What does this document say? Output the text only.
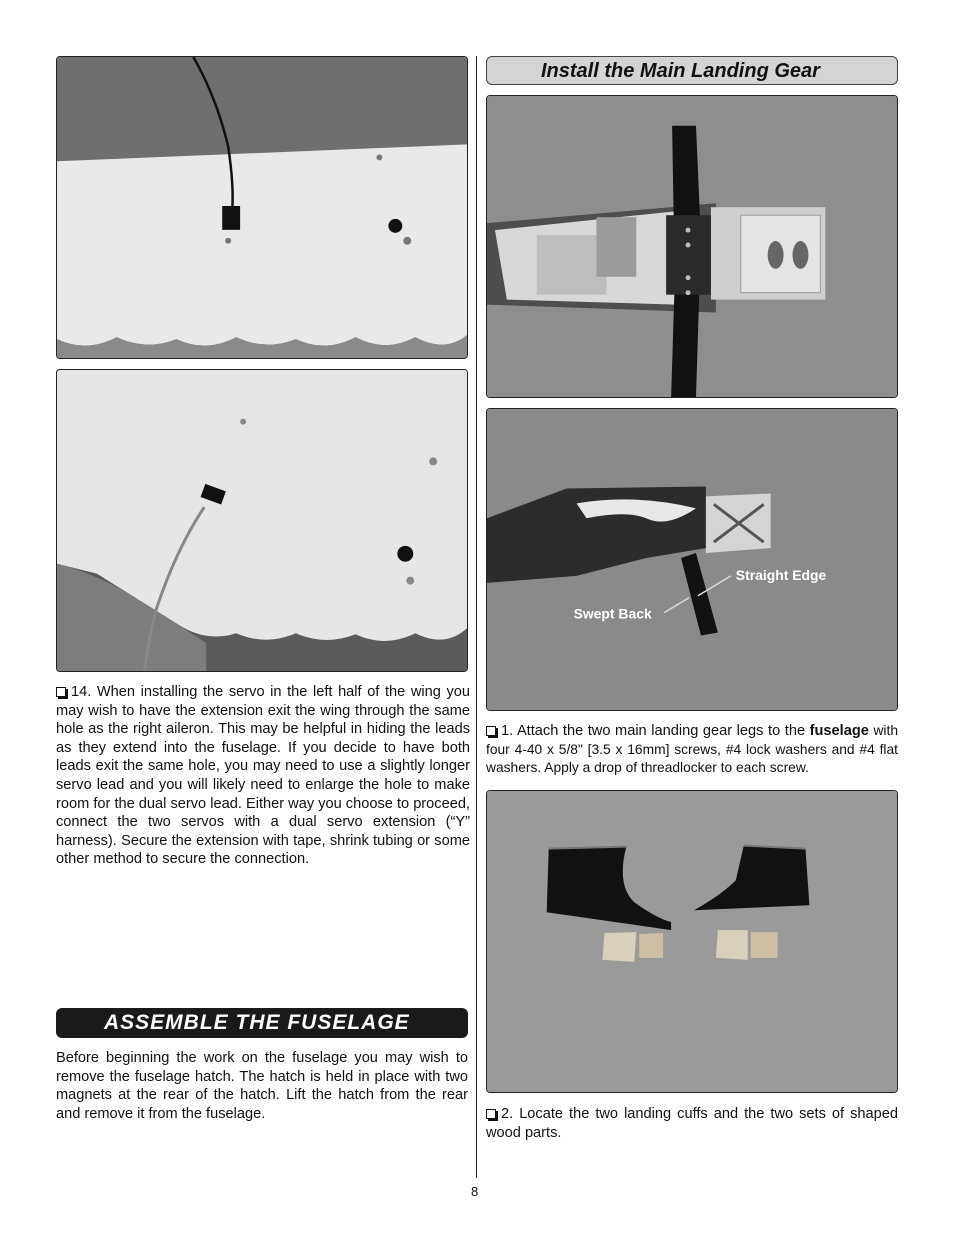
14. When installing the servo in the left half of the wing you may wish to have the extension exit the wing through the same hole as the right aileron. This may be helpful in hiding the leads as they extend into the fuselage. If you decide to have both leads exit the same hole, you may need to use a slightly longer servo lead and you will likely need to enlarge the hole to make room for the dual servo lead. Either way you choose to proceed, connect the two servos with a dual servo extension (“Y” harness). Secure the extension with tape, shrink tubing or some other method to secure the connection.

ASSEMBLE THE FUSELAGE

Before beginning the work on the fuselage you may wish to remove the fuselage hatch. The hatch is held in place with two magnets at the rear of the hatch. Lift the hatch from the rear and remove it from the fuselage.

Install the Main Landing Gear
Straight Edge
Swept Back

1. Attach the two main landing gear legs to the fuselage with four 4-40 x 5/8" [3.5 x 16mm] screws, #4 lock washers and #4 flat washers. Apply a drop of threadlocker to each screw.

2. Locate the two landing cuffs and the two sets of shaped wood parts.

8
